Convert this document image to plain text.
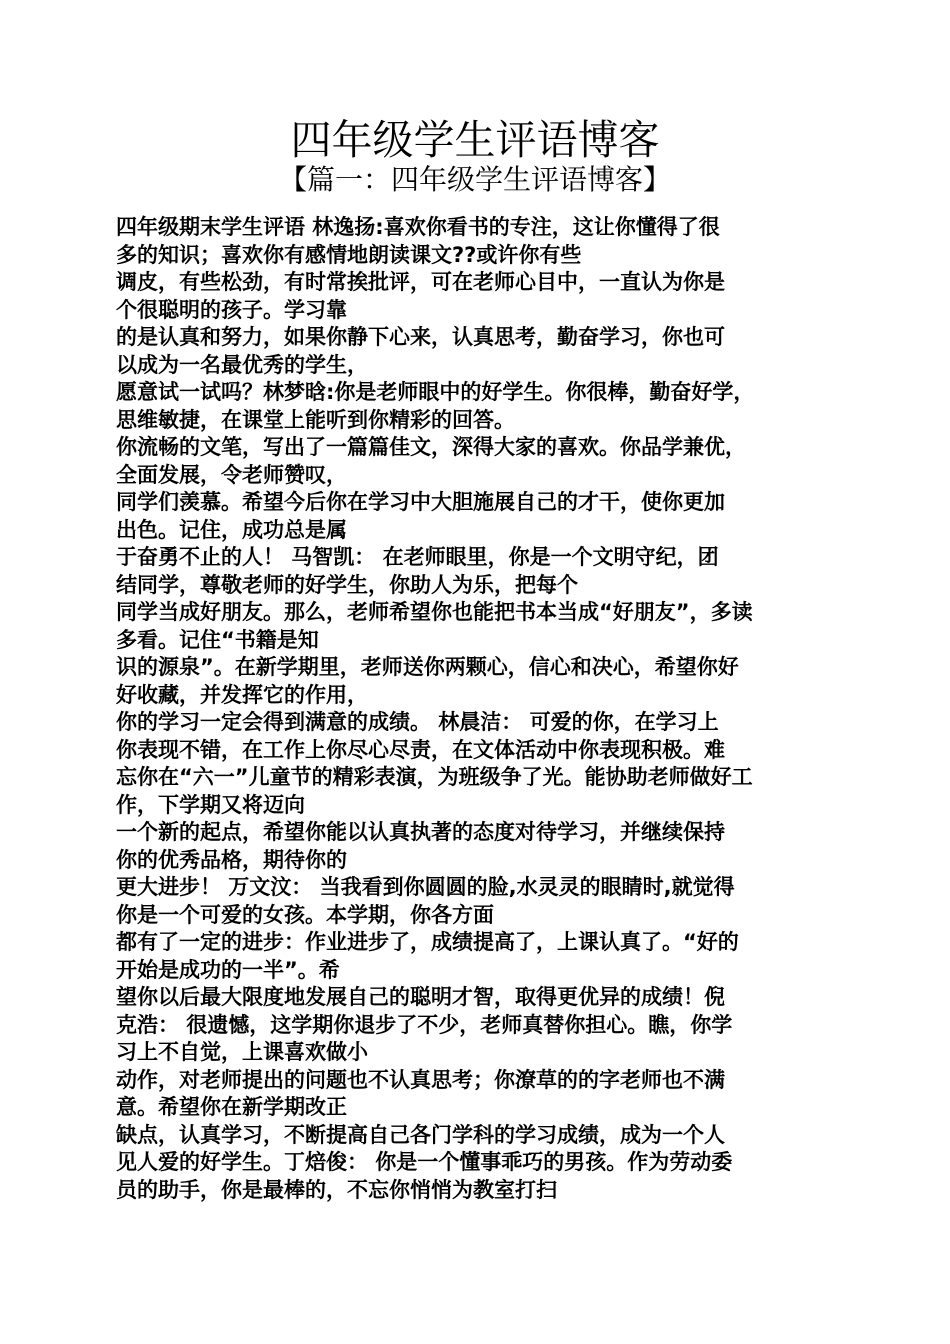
四年级学生评语博客
【篇一：四年级学生评语博客】
四年级期末学生评语 林逸扬:喜欢你看书的专注，这让你懂得了很
多的知识；喜欢你有感情地朗读课文??或许你有些
调皮，有些松劲，有时常挨批评，可在老师心目中，一直认为你是
个很聪明的孩子。学习靠
的是认真和努力，如果你静下心来，认真思考，勤奋学习，你也可
以成为一名最优秀的学生，
愿意试一试吗？林梦晗:你是老师眼中的好学生。你很棒，勤奋好学，
思维敏捷，在课堂上能听到你精彩的回答。
你流畅的文笔，写出了一篇篇佳文，深得大家的喜欢。你品学兼优，
全面发展，令老师赞叹，
同学们羡慕。希望今后你在学习中大胆施展自己的才干，使你更加
出色。记住，成功总是属
于奋勇不止的人！ 马智凯： 在老师眼里，你是一个文明守纪，团
结同学，尊敬老师的好学生，你助人为乐，把每个
同学当成好朋友。那么，老师希望你也能把书本当成“好朋友”，多读
多看。记住“书籍是知
识的源泉”。在新学期里，老师送你两颗心，信心和决心，希望你好
好收藏，并发挥它的作用，
你的学习一定会得到满意的成绩。 林晨洁： 可爱的你，在学习上
你表现不错，在工作上你尽心尽责，在文体活动中你表现积极。难
忘你在“六一”儿童节的精彩表演，为班级争了光。能协助老师做好工
作，下学期又将迈向
一个新的起点，希望你能以认真执著的态度对待学习，并继续保持
你的优秀品格，期待你的
更大进步！ 万文汶： 当我看到你圆圆的脸,水灵灵的眼睛时,就觉得
你是一个可爱的女孩。本学期，你各方面
都有了一定的进步：作业进步了，成绩提高了，上课认真了。“好的
开始是成功的一半”。希
望你以后最大限度地发展自己的聪明才智，取得更优异的成绩！倪
克浩： 很遗憾，这学期你退步了不少，老师真替你担心。瞧，你学
习上不自觉，上课喜欢做小
动作，对老师提出的问题也不认真思考；你潦草的的字老师也不满
意。希望你在新学期改正
缺点，认真学习，不断提高自己各门学科的学习成绩，成为一个人
见人爱的好学生。丁焙俊： 你是一个懂事乖巧的男孩。作为劳动委
员的助手，你是最棒的，不忘你悄悄为教室打扫
